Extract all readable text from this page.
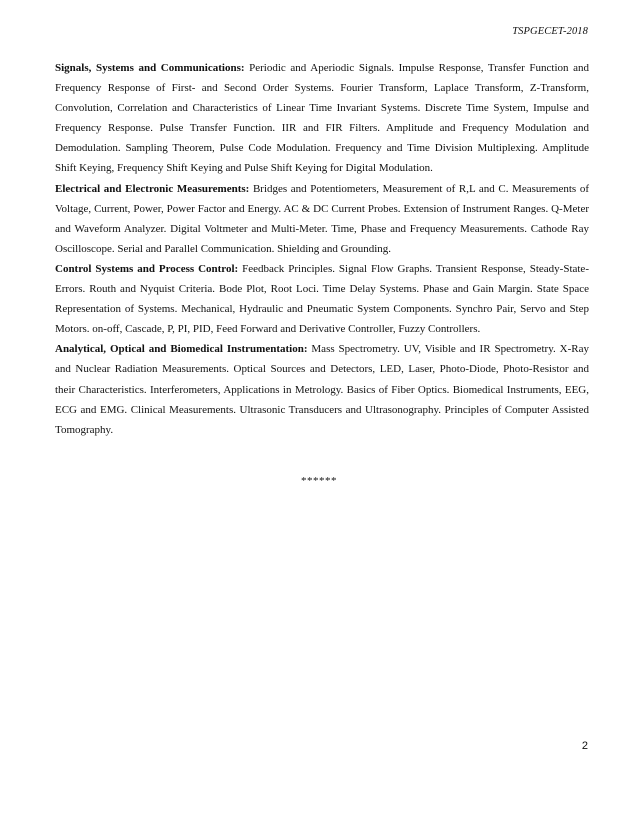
TSPGECET-2018

Signals, Systems and Communications: Periodic and Aperiodic Signals. Impulse Response, Transfer Function and Frequency Response of First- and Second Order Systems. Fourier Transform, Laplace Transform, Z-Transform, Convolution, Correlation and Characteristics of Linear Time Invariant Systems. Discrete Time System, Impulse and Frequency Response. Pulse Transfer Function. IIR and FIR Filters. Amplitude and Frequency Modulation and Demodulation. Sampling Theorem, Pulse Code Modulation. Frequency and Time Division Multiplexing. Amplitude Shift Keying, Frequency Shift Keying and Pulse Shift Keying for Digital Modulation.

Electrical and Electronic Measurements: Bridges and Potentiometers, Measurement of R,L and C. Measurements of Voltage, Current, Power, Power Factor and Energy. AC & DC Current Probes. Extension of Instrument Ranges. Q-Meter and Waveform Analyzer. Digital Voltmeter and Multi-Meter. Time, Phase and Frequency Measurements. Cathode Ray Oscilloscope. Serial and Parallel Communication. Shielding and Grounding.

Control Systems and Process Control: Feedback Principles. Signal Flow Graphs. Transient Response, Steady-State-Errors. Routh and Nyquist Criteria. Bode Plot, Root Loci. Time Delay Systems. Phase and Gain Margin. State Space Representation of Systems. Mechanical, Hydraulic and Pneumatic System Components. Synchro Pair, Servo and Step Motors. on-off, Cascade, P, PI, PID, Feed Forward and Derivative Controller, Fuzzy Controllers.

Analytical, Optical and Biomedical Instrumentation: Mass Spectrometry. UV, Visible and IR Spectrometry. X-Ray and Nuclear Radiation Measurements. Optical Sources and Detectors, LED, Laser, Photo-Diode, Photo-Resistor and their Characteristics. Interferometers, Applications in Metrology. Basics of Fiber Optics. Biomedical Instruments, EEG, ECG and EMG. Clinical Measurements. Ultrasonic Transducers and Ultrasonography. Principles of Computer Assisted Tomography.

******
2
